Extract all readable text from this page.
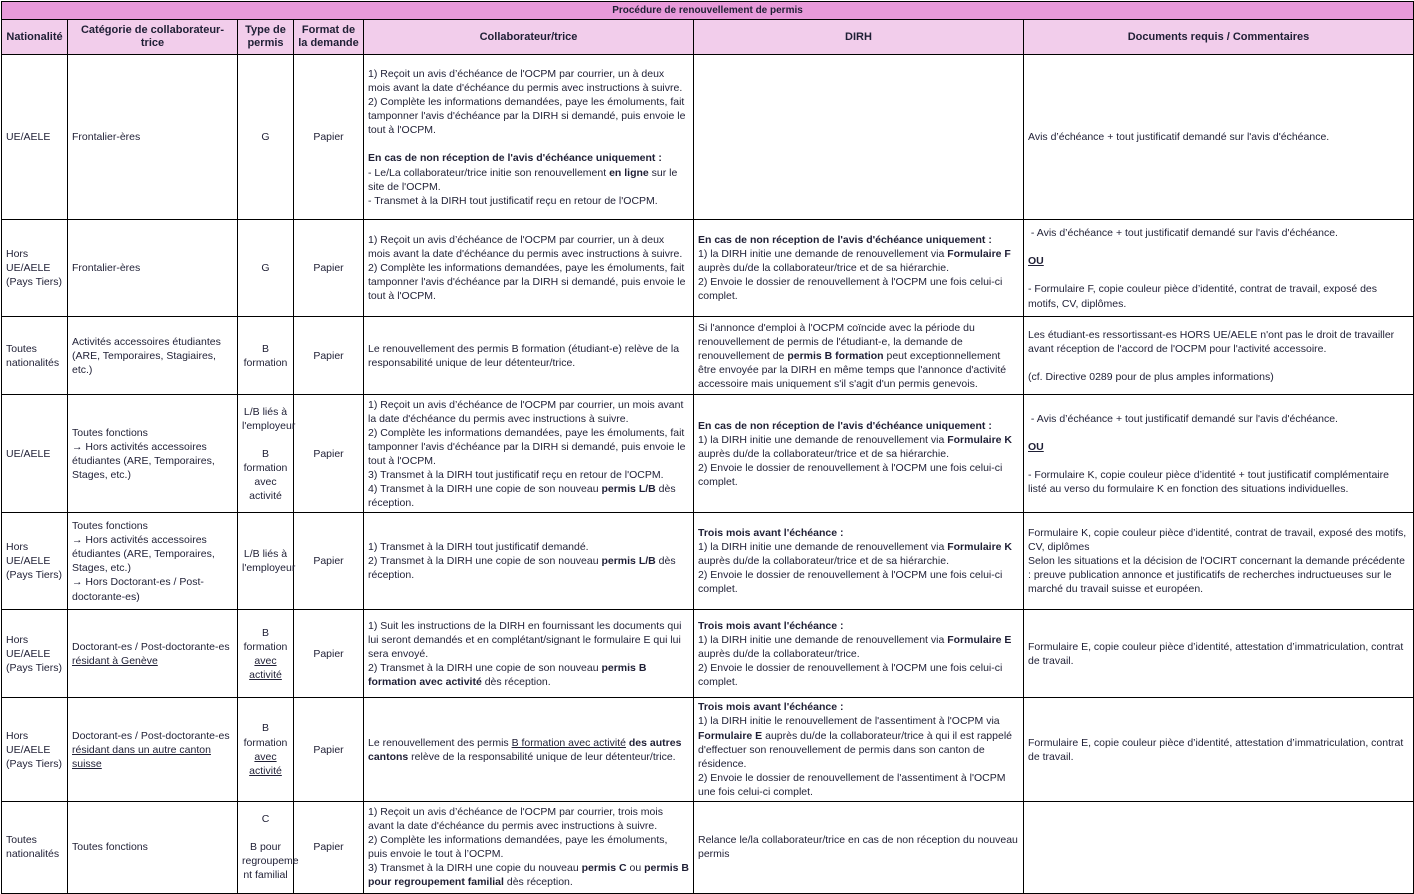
Procédure de renouvellement de permis						
Nationalité	Catégorie de collaborateur-trice	Type de permis	Format de la demande	Collaborateur/trice	DIRH	Documents requis / Commentaires
UE/AELE	Frontalier-ères	G	Papier	1) Reçoit un avis d’échéance de l'OCPM par courrier, un à deux mois avant la date d'échéance du permis avec instructions à suivre.
2) Complète les informations demandées, paye les émoluments, fait tamponner l'avis d'échéance par la DIRH si demandé, puis envoie le tout à l'OCPM.

En cas de non réception de l'avis d'échéance uniquement :
- Le/La collaborateur/trice initie son renouvellement en ligne sur le site de l'OCPM.
- Transmet à la DIRH tout justificatif reçu en retour de l'OCPM.		Avis d’échéance + tout justificatif demandé sur l'avis d'échéance.
Hors
UE/AELE
(Pays Tiers)	Frontalier-ères	G	Papier	1) Reçoit un avis d’échéance de l'OCPM par courrier, un à deux mois avant la date d'échéance du permis avec instructions à suivre.
2) Complète les informations demandées, paye les émoluments, fait tamponner l'avis d'échéance par la DIRH si demandé, puis envoie le tout à l'OCPM.	En cas de non réception de l'avis d'échéance uniquement :
1) la DIRH initie une demande de renouvellement via Formulaire F auprès du/de la collaborateur/trice et de sa hiérarchie.
2) Envoie le dossier de renouvellement à l'OCPM une fois celui-ci complet.	- Avis d’échéance + tout justificatif demandé sur l'avis d'échéance.

OU

- Formulaire F, copie couleur pièce d’identité, contrat de travail, exposé des motifs, CV, diplômes.
Toutes
nationalités	Activités accessoires étudiantes (ARE, Temporaires, Stagiaires, etc.)	B formation	Papier	Le renouvellement des permis B formation (étudiant-e) relève de la responsabilité unique de leur détenteur/trice.	Si l'annonce d'emploi à l'OCPM coïncide avec la période du renouvellement de permis de l'étudiant-e, la demande de renouvellement de permis B formation peut exceptionnellement être envoyée par la DIRH en même temps que l'annonce d'activité accessoire mais uniquement s'il s'agit d'un permis genevois.	Les étudiant-es ressortissant-es HORS UE/AELE n'ont pas le droit de travailler avant réception de l'accord de l'OCPM pour l'activité accessoire.

(cf. Directive 0289 pour de plus amples informations)
UE/AELE	Toutes fonctions
→ Hors activités accessoires étudiantes (ARE, Temporaires, Stages, etc.)	L/B liés à l'employeur

B formation avec activité	Papier	1) Reçoit un avis d’échéance de l'OCPM par courrier, un mois avant la date d'échéance du permis avec instructions à suivre.
2) Complète les informations demandées, paye les émoluments, fait tamponner l'avis d'échéance par la DIRH si demandé, puis envoie le tout à l'OCPM.
3) Transmet à la DIRH tout justificatif reçu en retour de l'OCPM.
4) Transmet à la DIRH une copie de son nouveau permis L/B dès réception.	En cas de non réception de l'avis d'échéance uniquement :
1) la DIRH initie une demande de renouvellement via Formulaire K auprès du/de la collaborateur/trice et de sa hiérarchie.
2) Envoie le dossier de renouvellement à l'OCPM une fois celui-ci complet.	- Avis d’échéance + tout justificatif demandé sur l'avis d'échéance.

OU

- Formulaire K, copie couleur pièce d’identité + tout justificatif complémentaire listé au verso du formulaire K en fonction des situations individuelles.
Hors
UE/AELE
(Pays Tiers)	Toutes fonctions
→ Hors activités accessoires étudiantes (ARE, Temporaires, Stages, etc.)
→ Hors Doctorant-es / Post-doctorante-es)	L/B liés à l'employeur	Papier	1) Transmet à la DIRH tout justificatif demandé.
2) Transmet à la DIRH une copie de son nouveau permis L/B dès réception.	Trois mois avant l'échéance :
1) la DIRH initie une demande de renouvellement via Formulaire K auprès du/de la collaborateur/trice et de sa hiérarchie.
2) Envoie le dossier de renouvellement à l'OCPM une fois celui-ci complet.	Formulaire K, copie couleur pièce d’identité, contrat de travail, exposé des motifs, CV, diplômes
Selon les situations et la décision de l'OCIRT concernant la demande précédente : preuve publication annonce et justificatifs de recherches indructueuses sur le marché du travail suisse et européen.
Hors
UE/AELE
(Pays Tiers)	Doctorant-es / Post-doctorante-es résidant à Genève	B formation
avec activité	Papier	1) Suit les instructions de la DIRH en fournissant les documents qui lui seront demandés et en complétant/signant le formulaire E qui lui sera envoyé.
2) Transmet à la DIRH une copie de son nouveau permis B formation avec activité dès réception.	Trois mois avant l'échéance :
1) la DIRH initie une demande de renouvellement via Formulaire E auprès du/de la collaborateur/trice.
2) Envoie le dossier de renouvellement à l'OCPM une fois celui-ci complet.	Formulaire E, copie couleur pièce d’identité, attestation d’immatriculation, contrat de travail.
Hors
UE/AELE
(Pays Tiers)	Doctorant-es / Post-doctorante-es résidant dans un autre canton suisse	B formation
avec activité	Papier	Le renouvellement des permis B formation avec activité des autres cantons relève de la responsabilité unique de leur détenteur/trice.	Trois mois avant l'échéance :
1) la DIRH initie le renouvellement de l'assentiment à l'OCPM via Formulaire E auprès du/de la collaborateur/trice à qui il est rappelé d'effectuer son renouvellement de permis dans son canton de résidence.
2) Envoie le dossier de renouvellement de l'assentiment à l'OCPM une fois celui-ci complet.	Formulaire E, copie couleur pièce d’identité, attestation d’immatriculation, contrat de travail.
Toutes
nationalités	Toutes fonctions	C

B pour regroupeme nt familial	Papier	1) Reçoit un avis d’échéance de l'OCPM par courrier, trois mois avant la date d'échéance du permis avec instructions à suivre.
2) Complète les informations demandées, paye les émoluments, puis envoie le tout à l’OCPM.
3) Transmet à la DIRH une copie du nouveau permis C ou permis B pour regroupement familial dès réception.	Relance le/la collaborateur/trice en cas de non réception du nouveau permis	
